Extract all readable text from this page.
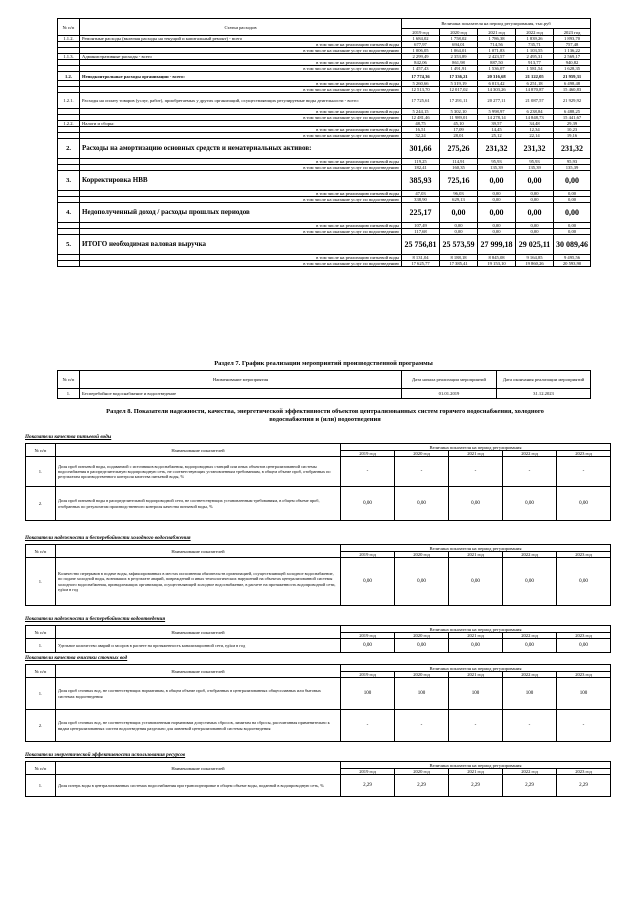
№ п/п	Статьи расходов	Величина показателя на период регулирования, тыс.руб				
		2019 год	2020 год	2021 год	2022 год	2023 год
1.1.2.	Ремонтные расходы (включая расходы на текущий и капитальный ремонт) - всего	1 684,02	1 758,02	1 786,38	1 839,26	1 893,70
	в том числе на реализацию питьевой воды	677,97	694,01	714,56	735,71	757,48
	в том числе на оказание услуг по водоотведению	1 006,05	1 064,01	1 071,83	1 103,55	1 136,22
1.1.3.	Административные расходы - всего	2 299,49	2 353,89	2 423,57	2 495,31	2 569,17
	в том числе на реализацию питьевой воды	842,06	861,98	887,50	913,77	940,82
	в том числе на оказание услуг по водоотведению	1 457,43	1 491,91	1 536,07	1 581,54	1 628,35
1.2.	Неподконтрольные расходы организации - всего:	17 774,36	17 336,21	20 316,68	21 122,05	21 959,31
	в том числе на реализацию питьевой воды	5 260,66	5 319,19	6 013,42	6 251,18	6 498,48
	в том числе на оказание услуг по водоотведению	12 513,70	12 017,02	14 303,26	14 870,87	15 460,83
1.2.1.	Расходы на оплату товаров (услуг, работ), приобретаемых у других организаций, осуществляющих регулируемые виды деятельности - всего:	17 725,61	17 291,11	20 277,11	21 087,57	21 929,92
	в том числе на реализацию питьевой воды	5 244,15	5 302,10	5 998,97	6 238,84	6 488,25
	в том числе на оказание услуг по водоотведению	12 481,46	11 989,01	14 278,14	14 848,73	15 441,67
1.2.2.	Налоги и сборы:	48,75	45,10	39,57	34,48	29,39
	в том числе на реализацию питьевой воды	16,51	17,09	14,45	12,34	10,23
	в том числе на оказание услуг по водоотведению	32,24	28,01	25,12	22,14	19,16
2.	Расходы на амортизацию основных средств и нематериальных активов:	301,66	275,26	231,32	231,32	231,32
	в том числе на реализацию питьевой воды	119,25	114,91	95,93	95,93	95,93
	в том числе на оказание услуг по водоотведению	182,41	160,35	135,39	135,39	135,39
3.	Корректировка НВВ	385,93	725,16	0,00	0,00	0,00
	в том числе на реализацию питьевой воды	47,03	96,03	0,00	0,00	0,00
	в том числе на оказание услуг по водоотведению	338,90	629,13	0,00	0,00	0,00
4.	Недополученный доход / расходы прошлых периодов	225,17	0,00	0,00	0,00	0,00
	в том числе на реализацию питьевой воды	107,49	0,00	0,00	0,00	0,00
	в том числе на оказание услуг по водоотведению	117,68	0,00	0,00	0,00	0,00
5.	ИТОГО необходимая валовая выручка	25 756,81	25 573,59	27 999,18	29 025,11	30 089,46
	в том числе на реализацию питьевой воды	8 131,04	8 188,18	8 845,08	9 164,85	9 495,56
	в том числе на оказание услуг по водоотведению	17 625,77	17 385,41	19 153,10	19 860,26	20 593,90
Раздел 7. График реализации мероприятий производственной программы
№ п/п	Наименование мероприятия	Дата начала реализации мероприятий	Дата окончания реализации мероприятий
1.	Бесперебойное водоснабжение и водоотведение	01.01.2019	31.12.2023
Раздел 8. Показатели надежности, качества, энергетической эффективности объектов централизованных систем горячего водоснабжения, холодного водоснабжения и (или) водоотведения
Показатели качества питьевой воды
№ п/п	Наименование показателей	Величина показателя на период регулирования				
		2019 год	2020 год	2021 год	2022 год	2023 год
1.	Доля проб питьевой воды, подаваемой с источников водоснабжения, водопроводных станций или иных объектов централизованной системы водоснабжения в распределительную водопроводную сеть, не соответствующих установленным требованиям, в общем объеме проб, отобранных по результатам производственного контроля качества питьевой воды, %	-	-	-	-	-
2.	Доля проб питьевой воды в распределительной водопроводной сети, не соответствующих установленным требованиям, в общем объеме проб, отобранных по результатам производственного контроля качества питьевой воды, %	0,00	0,00	0,00	0,00	0,00
Показатели надежности и бесперебойности холодного водоснабжения
№ п/п	Наименование показателей	Величина показателя на период регулирования				
		2019 год	2020 год	2021 год	2022 год	2023 год
1.	Количество перерывов в подаче воды, зафиксированных в местах исполнения обязательств организацией, осуществляющей холодное водоснабжение, по подаче холодной воды, возникших в результате аварий, повреждений и иных технологических нарушений на объектах централизованной системы холодного водоснабжения, принадлежащих организации, осуществляющей холодное водоснабжение, в расчете на протяженность водопроводной сети, ед/км в год	0,00	0,00	0,00	0,00	0,00
Показатели надежности и бесперебойности водоотведения
№ п/п	Наименование показателей	Величина показателя на период регулирования				
		2019 год	2020 год	2021 год	2022 год	2023 год
1.	Удельное количество аварий и засоров в расчете на протяженность канализационной сети, ед/км в год	0,00	0,00	0,00	0,00	0,00
Показатели качества очистки сточных вод
№ п/п	Наименование показателей	Величина показателя на период регулирования				
		2019 год	2020 год	2021 год	2022 год	2023 год
1.	Доля проб сточных вод, не соответствующих нормативам, в общем объеме проб, отобранных в централизованных общесплавных или бытовых системах водоотведения	100	100	100	100	100
2.	Доля проб сточных вод, не соответствующих установленным нормативам допустимых сбросов, лимитам на сбросы, рассчитанная применительно к видам централизованных систем водоотведения раздельно для ливневой централизованной системы водоотведения	-	-	-	-	-
Показатели энергетической эффективности использования ресурсов
№ п/п	Наименование показателей	Величина показателя на период регулирования				
		2019 год	2020 год	2021 год	2022 год	2023 год
1.	Доля потерь воды в централизованных системах водоснабжения при транспортировке в общем объеме воды, поданной в водопроводную сеть, %	2,29	2,29	2,29	2,29	2,29
